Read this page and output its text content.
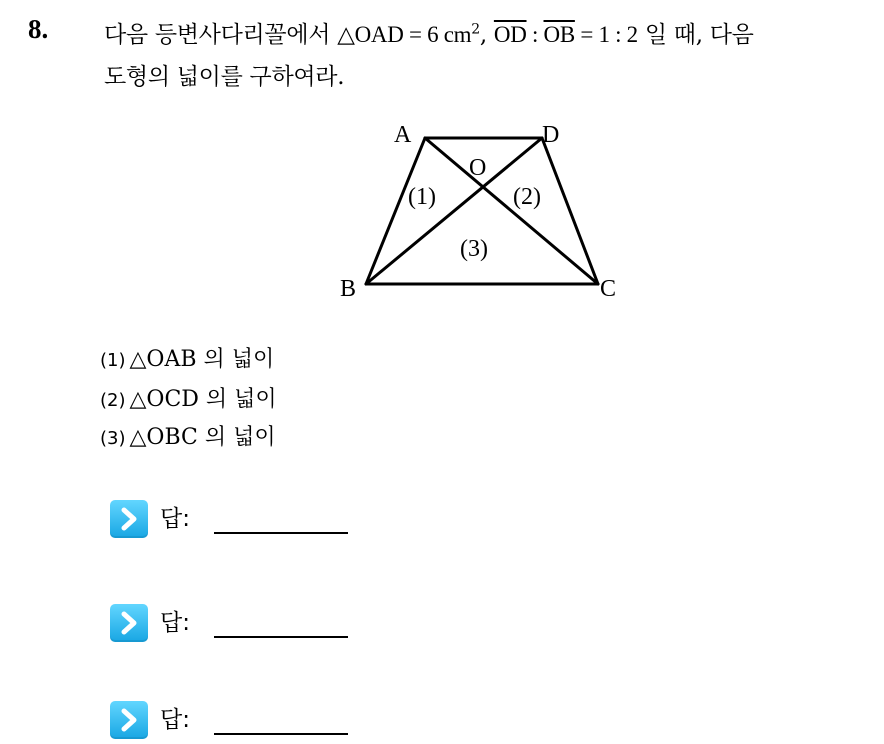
8. 다음 등변사다리꼴에서 △OAD = 6 $cm^2$, $\overline{OD}$ : $\overline{OB} = 1$ : 2 일 때, 다음
도형의 넓이를 구하여라.
A	D
O
B	C
(1)	(2)
(3)
(1) △OAB 의 넓이
(2) △OCD 의 넓이
(3) △OBC 의 넓이
답:
답:
답:
